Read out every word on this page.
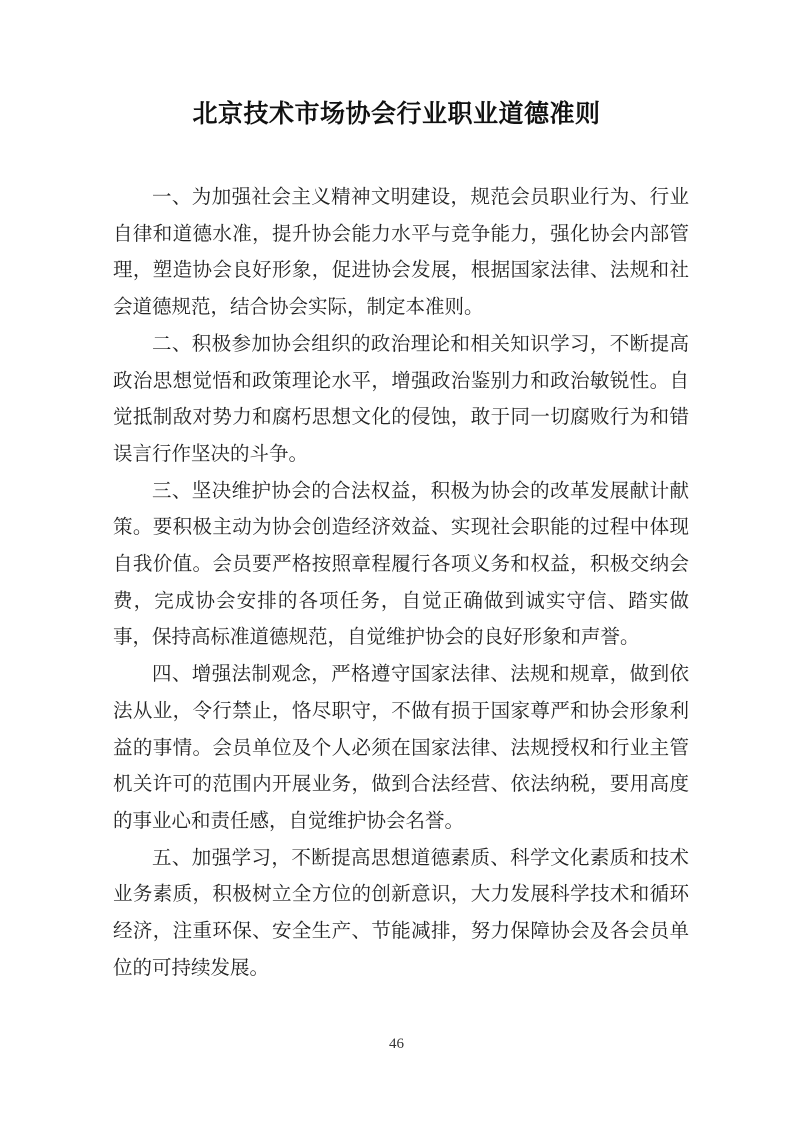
北京技术市场协会行业职业道德准则

一、为加强社会主义精神文明建设，规范会员职业行为、行业自律和道德水准，提升协会能力水平与竞争能力，强化协会内部管理，塑造协会良好形象，促进协会发展，根据国家法律、法规和社会道德规范，结合协会实际，制定本准则。

二、积极参加协会组织的政治理论和相关知识学习，不断提高政治思想觉悟和政策理论水平，增强政治鉴别力和政治敏锐性。自觉抵制敌对势力和腐朽思想文化的侵蚀，敢于同一切腐败行为和错误言行作坚决的斗争。

三、坚决维护协会的合法权益，积极为协会的改革发展献计献策。要积极主动为协会创造经济效益、实现社会职能的过程中体现自我价值。会员要严格按照章程履行各项义务和权益，积极交纳会费，完成协会安排的各项任务，自觉正确做到诚实守信、踏实做事，保持高标准道德规范，自觉维护协会的良好形象和声誉。

四、增强法制观念，严格遵守国家法律、法规和规章，做到依法从业，令行禁止，恪尽职守，不做有损于国家尊严和协会形象利益的事情。会员单位及个人必须在国家法律、法规授权和行业主管机关许可的范围内开展业务，做到合法经营、依法纳税，要用高度的事业心和责任感，自觉维护协会名誉。

五、加强学习，不断提高思想道德素质、科学文化素质和技术业务素质，积极树立全方位的创新意识，大力发展科学技术和循环经济，注重环保、安全生产、节能减排，努力保障协会及各会员单位的可持续发展。

46
